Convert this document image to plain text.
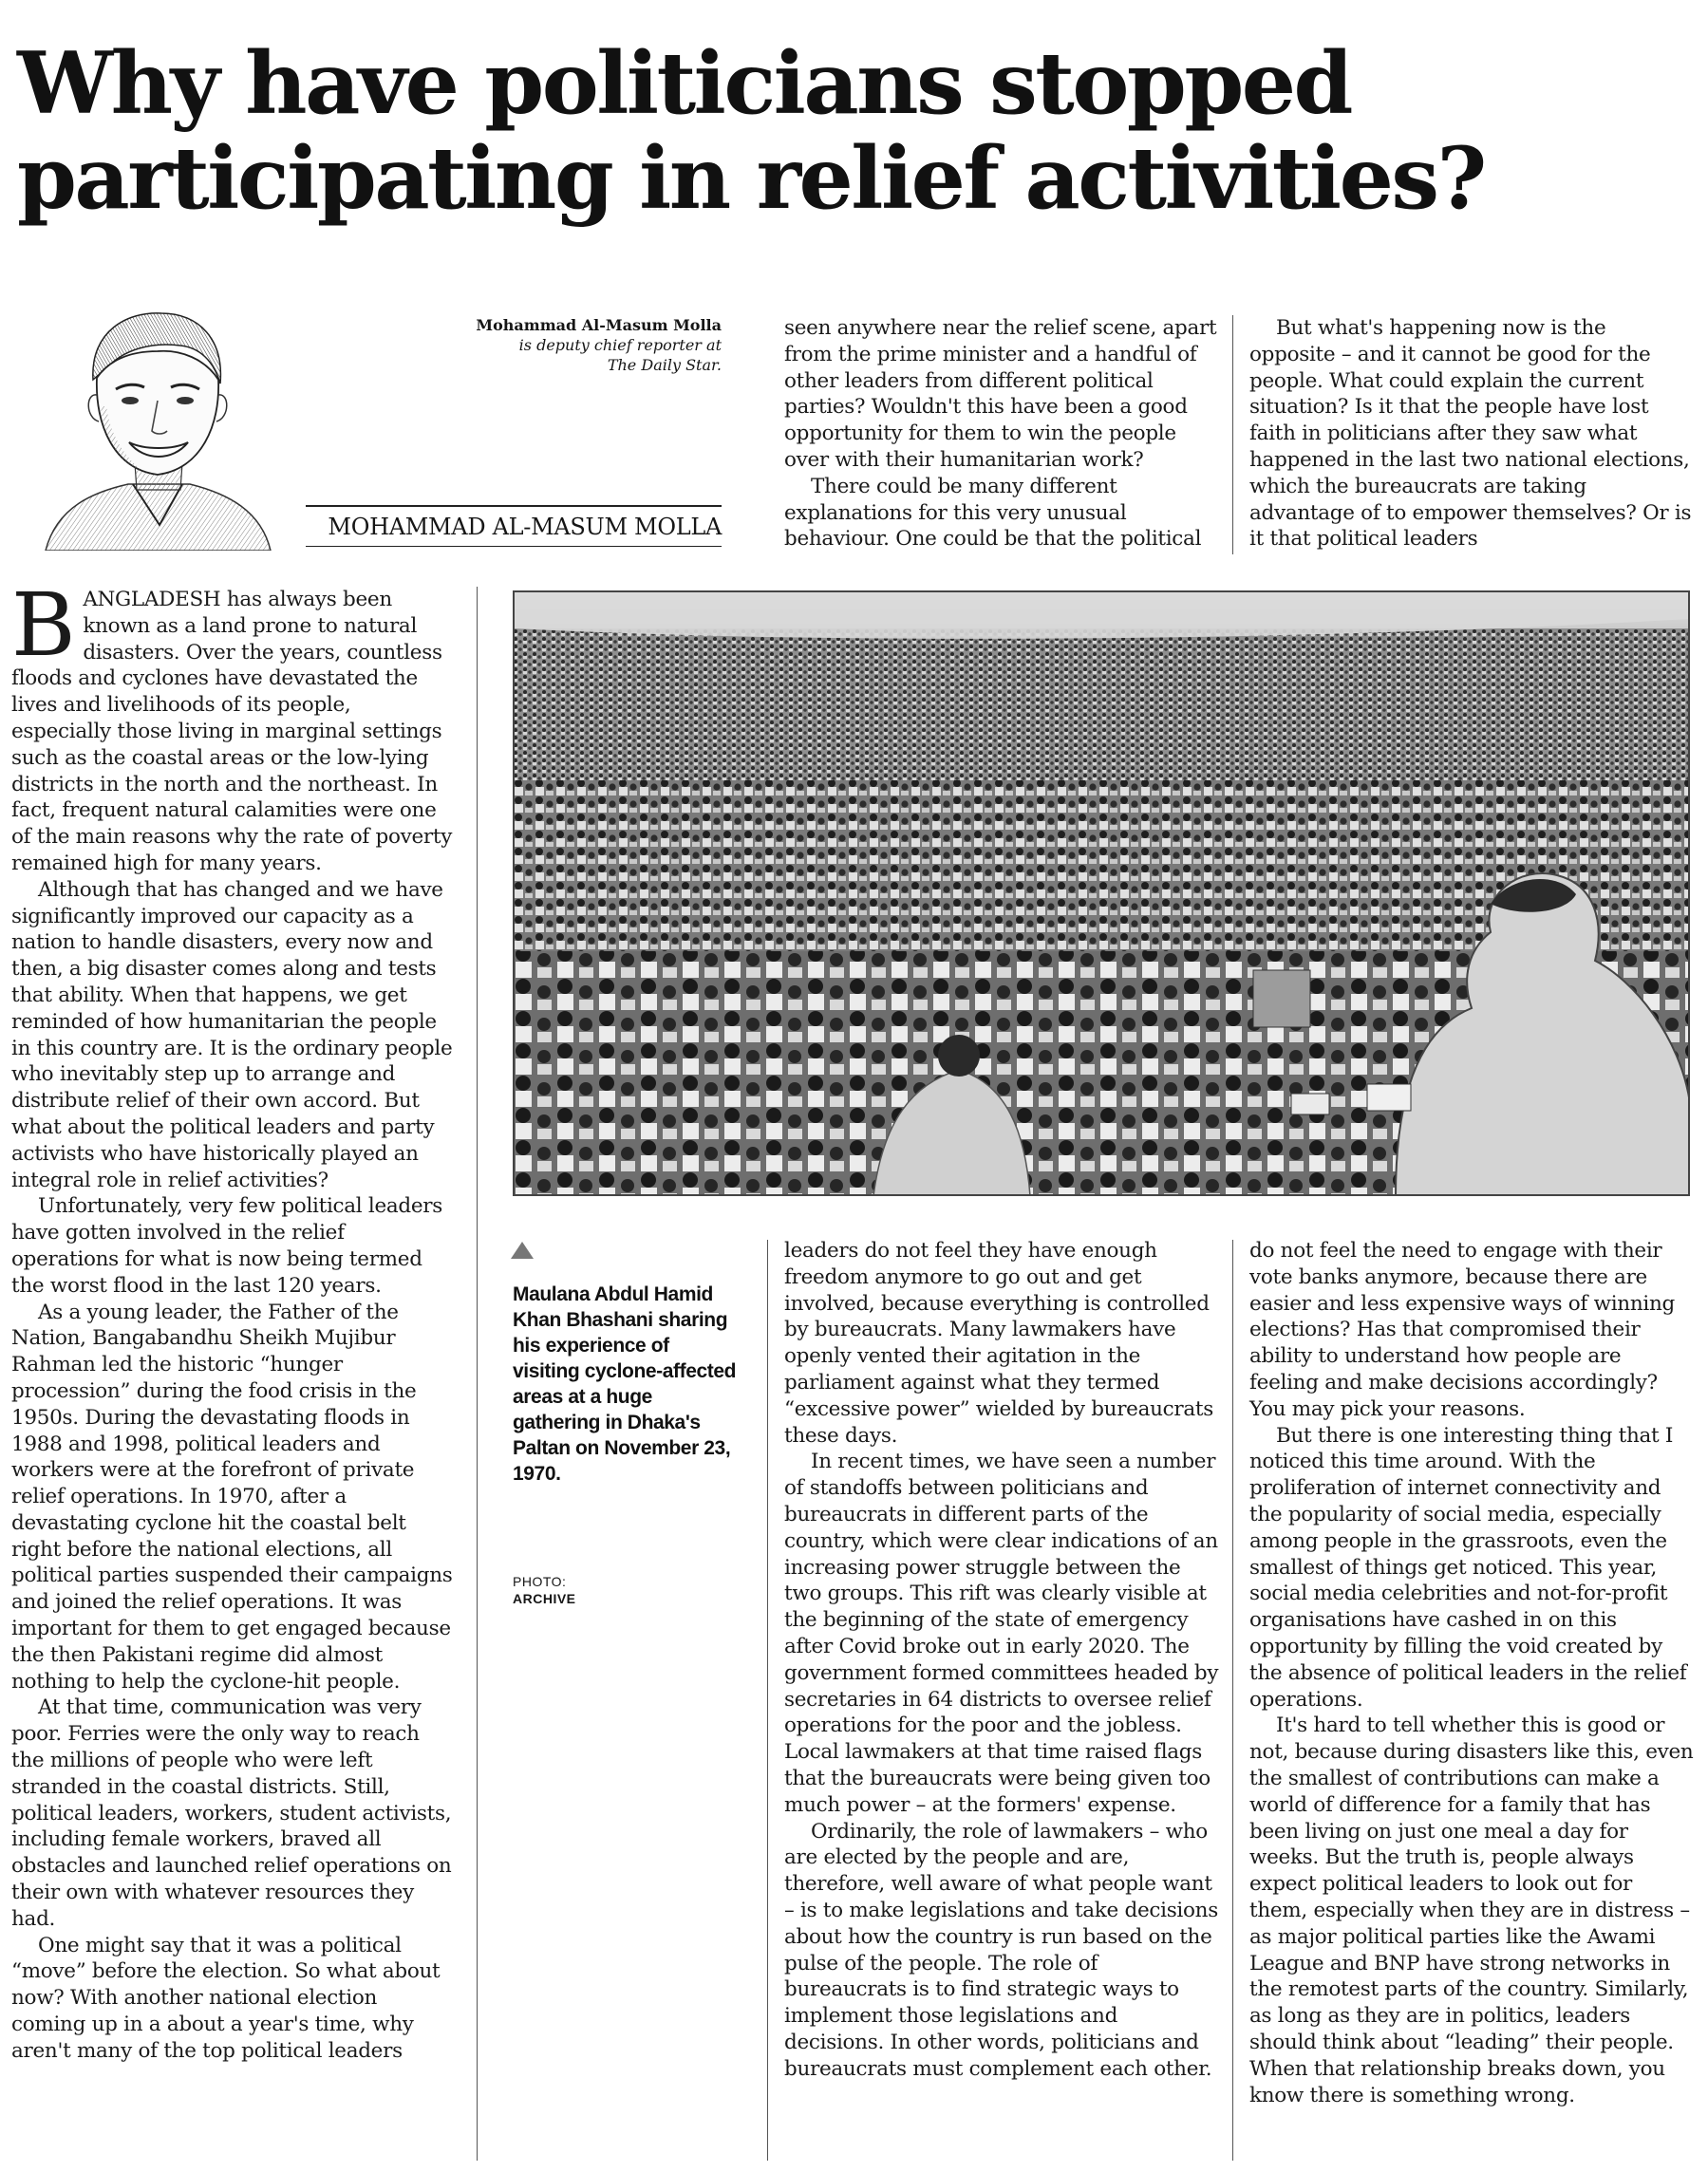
Why have politicians stopped
participating in relief activities?
Mohammad Al-Masum Molla
is deputy chief reporter at
The Daily Star.
MOHAMMAD AL-MASUM MOLLA

BANGLADESH has always been known as a land prone to natural disasters. Over the years, countless floods and cyclones have devastated the lives and livelihoods of its people, especially those living in marginal settings such as the coastal areas or the low-lying districts in the north and the northeast. In fact, frequent natural calamities were one of the main reasons why the rate of poverty remained high for many years.

Although that has changed and we have significantly improved our capacity as a nation to handle disasters, every now and then, a big disaster comes along and tests that ability. When that happens, we get reminded of how humanitarian the people in this country are. It is the ordinary people who inevitably step up to arrange and distribute relief of their own accord. But what about the political leaders and party activists who have historically played an integral role in relief activities?

Unfortunately, very few political leaders have gotten involved in the relief operations for what is now being termed the worst flood in the last 120 years.

As a young leader, the Father of the Nation, Bangabandhu Sheikh Mujibur Rahman led the historic “hunger procession” during the food crisis in the 1950s. During the devastating floods in 1988 and 1998, political leaders and workers were at the forefront of private relief operations. In 1970, after a devastating cyclone hit the coastal belt right before the national elections, all political parties suspended their campaigns and joined the relief operations. It was important for them to get engaged because the then Pakistani regime did almost nothing to help the cyclone-hit people.

At that time, communication was very poor. Ferries were the only way to reach the millions of people who were left stranded in the coastal districts. Still, political leaders, workers, student activists, including female workers, braved all obstacles and launched relief operations on their own with whatever resources they had.

One might say that it was a political “move” before the election. So what about now? With another national election coming up in a about a year's time, why aren't many of the top political leaders

seen anywhere near the relief scene, apart from the prime minister and a handful of other leaders from different political parties? Wouldn't this have been a good opportunity for them to win the people over with their humanitarian work?

There could be many different explanations for this very unusual behaviour. One could be that the political

But what's happening now is the opposite – and it cannot be good for the people. What could explain the current situation? Is it that the people have lost faith in politicians after they saw what happened in the last two national elections, which the bureaucrats are taking advantage of to empower themselves? Or is it that political leaders

Maulana Abdul Hamid Khan Bhashani sharing his experience of visiting cyclone-affected areas at a huge gathering in Dhaka's Paltan on November 23, 1970.
PHOTO:
ARCHIVE

leaders do not feel they have enough freedom anymore to go out and get involved, because everything is controlled by bureaucrats. Many lawmakers have openly vented their agitation in the parliament against what they termed “excessive power” wielded by bureaucrats these days.

In recent times, we have seen a number of standoffs between politicians and bureaucrats in different parts of the country, which were clear indications of an increasing power struggle between the two groups. This rift was clearly visible at the beginning of the state of emergency after Covid broke out in early 2020. The government formed committees headed by secretaries in 64 districts to oversee relief operations for the poor and the jobless. Local lawmakers at that time raised flags that the bureaucrats were being given too much power – at the formers' expense.

Ordinarily, the role of lawmakers – who are elected by the people and are, therefore, well aware of what people want – is to make legislations and take decisions about how the country is run based on the pulse of the people. The role of bureaucrats is to find strategic ways to implement those legislations and decisions. In other words, politicians and bureaucrats must complement each other.

do not feel the need to engage with their vote banks anymore, because there are easier and less expensive ways of winning elections? Has that compromised their ability to understand how people are feeling and make decisions accordingly? You may pick your reasons.

But there is one interesting thing that I noticed this time around. With the proliferation of internet connectivity and the popularity of social media, especially among people in the grassroots, even the smallest of things get noticed. This year, social media celebrities and not-for-profit organisations have cashed in on this opportunity by filling the void created by the absence of political leaders in the relief operations.

It's hard to tell whether this is good or not, because during disasters like this, even the smallest of contributions can make a world of difference for a family that has been living on just one meal a day for weeks. But the truth is, people always expect political leaders to look out for them, especially when they are in distress – as major political parties like the Awami League and BNP have strong networks in the remotest parts of the country. Similarly, as long as they are in politics, leaders should think about “leading” their people. When that relationship breaks down, you know there is something wrong.
